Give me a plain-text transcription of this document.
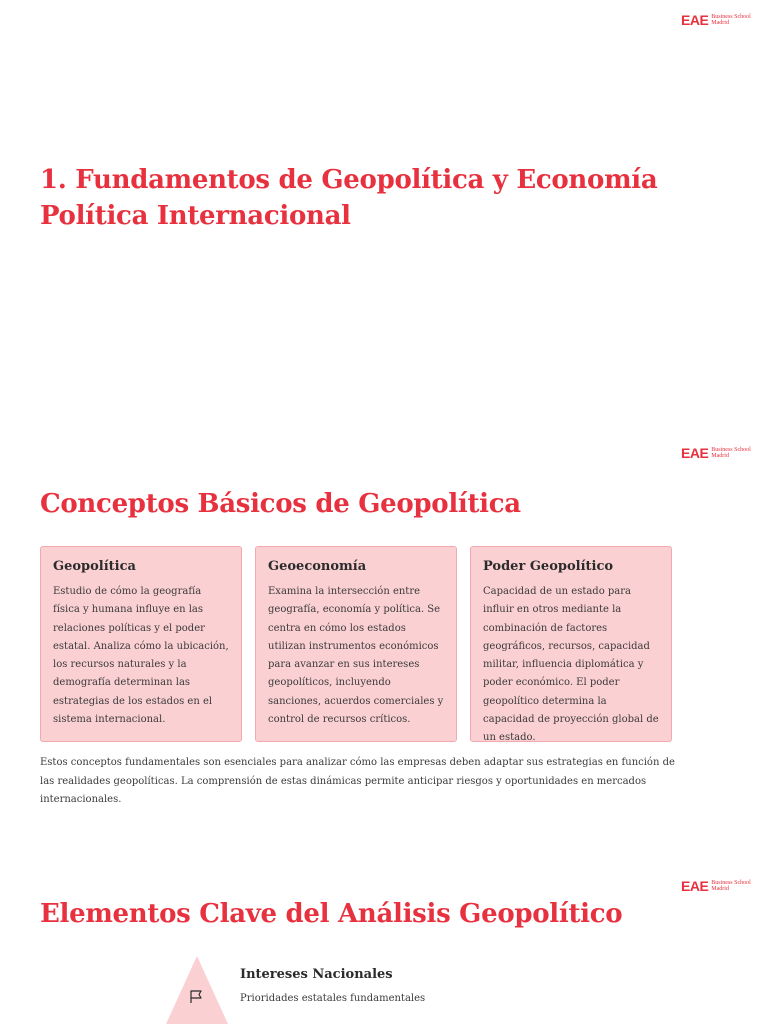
EAE Business School
Madrid
1. Fundamentos de Geopolítica y Economía Política Internacional
EAE Business School
Madrid
Conceptos Básicos de Geopolítica
Geopolítica

Estudio de cómo la geografía física y humana influye en las relaciones políticas y el poder estatal. Analiza cómo la ubicación, los recursos naturales y la demografía determinan las estrategias de los estados en el sistema internacional.

Geoeconomía

Examina la intersección entre geografía, economía y política. Se centra en cómo los estados utilizan instrumentos económicos para avanzar en sus intereses geopolíticos, incluyendo sanciones, acuerdos comerciales y control de recursos críticos.

Poder Geopolítico

Capacidad de un estado para influir en otros mediante la combinación de factores geográficos, recursos, capacidad militar, influencia diplomática y poder económico. El poder geopolítico determina la capacidad de proyección global de un estado.

Estos conceptos fundamentales son esenciales para analizar cómo las empresas deben adaptar sus estrategias en función de las realidades geopolíticas. La comprensión de estas dinámicas permite anticipar riesgos y oportunidades en mercados internacionales.

EAE Business School
Madrid
Elementos Clave del Análisis Geopolítico
Intereses Nacionales

Prioridades estatales fundamentales
